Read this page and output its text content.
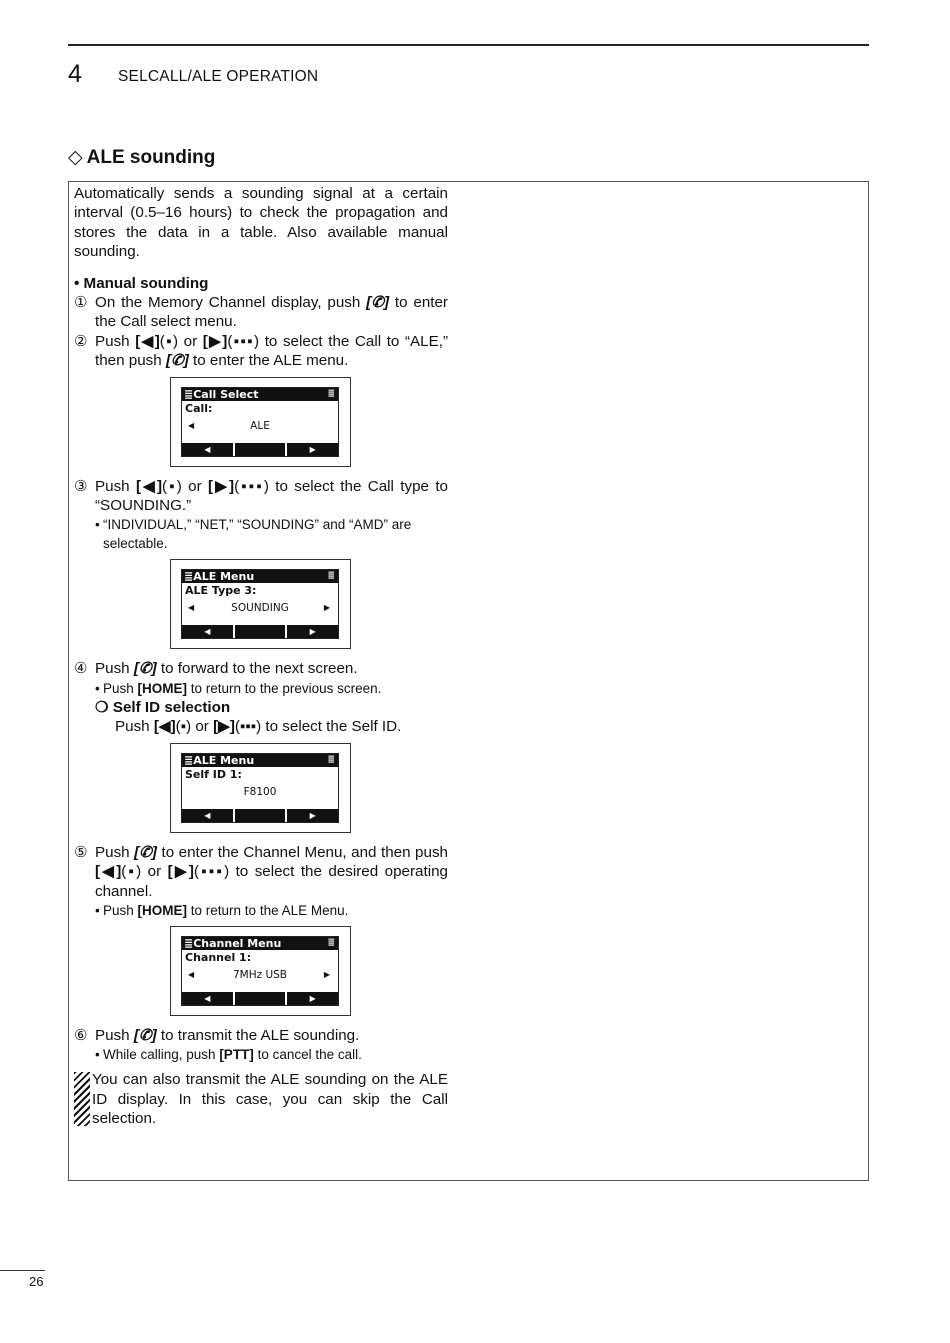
4 SELCALL/ALE OPERATION
◇ ALE sounding

Automatically sends a sounding signal at a certain interval (0.5–16 hours) to check the propagation and stores the data in a table. Also available manual sounding.

• Manual sounding

① On the Memory Channel display, push [✆] to enter the Call select menu.

② Push [◀](▪) or [▶](▪▪▪) to select the Call to “ALE,” then push [✆] to enter the ALE menu.

≣Call Select	≣
Call:
◀	ALE
◀	▶

③ Push [◀](▪) or [▶](▪▪▪) to select the Call type to “SOUNDING.”

• “INDIVIDUAL,” “NET,” “SOUNDING” and “AMD” are selectable.

≣ALE Menu	≣
ALE Type 3:
◀	SOUNDING	▶
◀	▶

④ Push [✆] to forward to the next screen.

• Push [HOME] to return to the previous screen.

❍ Self ID selection

Push [◀](▪) or [▶](▪▪▪) to select the Self ID.

≣ALE Menu	≣
Self ID 1:
F8100
◀	▶

⑤ Push [✆] to enter the Channel Menu, and then push [◀](▪) or [▶](▪▪▪) to select the desired operating channel.

• Push [HOME] to return to the ALE Menu.

≣Channel Menu	≣
Channel 1:
◀	7MHz USB	▶
◀	▶

⑥ Push [✆] to transmit the ALE sounding.

• While calling, push [PTT] to cancel the call.

You can also transmit the ALE sounding on the ALE ID display. In this case, you can skip the Call selection.

26
